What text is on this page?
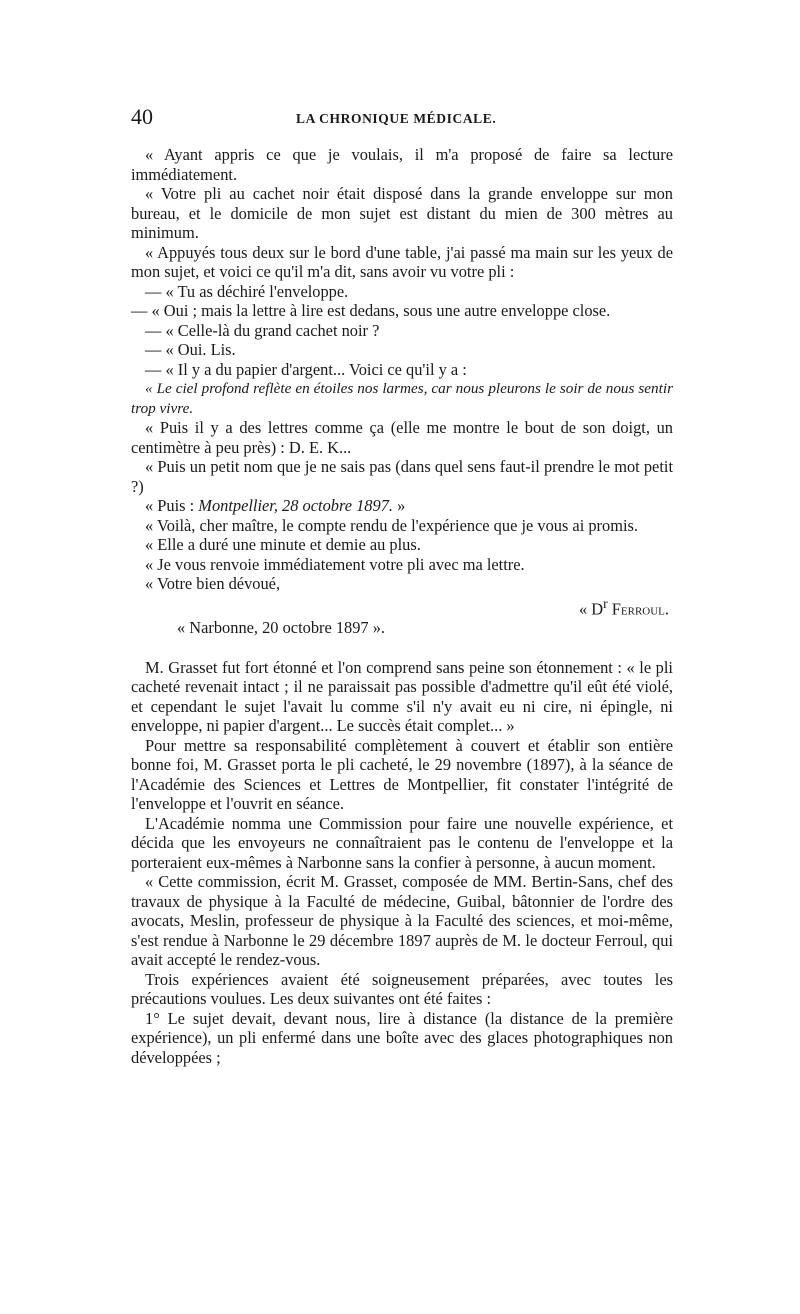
40	LA CHRONIQUE MÉDICALE.

« Ayant appris ce que je voulais, il m'a proposé de faire sa lecture immédiatement.

« Votre pli au cachet noir était disposé dans la grande enveloppe sur mon bureau, et le domicile de mon sujet est distant du mien de 300 mètres au minimum.

« Appuyés tous deux sur le bord d'une table, j'ai passé ma main sur les yeux de mon sujet, et voici ce qu'il m'a dit, sans avoir vu votre pli :

— « Tu as déchiré l'enveloppe.

— « Oui ; mais la lettre à lire est dedans, sous une autre enveloppe close.

— « Celle-là du grand cachet noir ?

— « Oui. Lis.

— « Il y a du papier d'argent... Voici ce qu'il y a :

« Le ciel profond reflète en étoiles nos larmes, car nous pleurons le soir de nous sentir trop vivre.

« Puis il y a des lettres comme ça (elle me montre le bout de son doigt, un centimètre à peu près) : D. E. K...

« Puis un petit nom que je ne sais pas (dans quel sens faut-il prendre le mot petit ?)

« Puis : Montpellier, 28 octobre 1897. »

« Voilà, cher maître, le compte rendu de l'expérience que je vous ai promis.

« Elle a duré une minute et demie au plus.

« Je vous renvoie immédiatement votre pli avec ma lettre.

« Votre bien dévoué,

« $D^r$ Ferroul.

« Narbonne, 20 octobre 1897 ».

M. Grasset fut fort étonné et l'on comprend sans peine son étonnement : « le pli cacheté revenait intact ; il ne paraissait pas possible d'admettre qu'il eût été violé, et cependant le sujet l'avait lu comme s'il n'y avait eu ni cire, ni épingle, ni enveloppe, ni papier d'argent... Le succès était complet... »

Pour mettre sa responsabilité complètement à couvert et établir son entière bonne foi, M. Grasset porta le pli cacheté, le 29 novembre (1897), à la séance de l'Académie des Sciences et Lettres de Montpellier, fit constater l'intégrité de l'enveloppe et l'ouvrit en séance.

L'Académie nomma une Commission pour faire une nouvelle expérience, et décida que les envoyeurs ne connaîtraient pas le contenu de l'enveloppe et la porteraient eux-mêmes à Narbonne sans la confier à personne, à aucun moment.

« Cette commission, écrit M. Grasset, composée de MM. Bertin-Sans, chef des travaux de physique à la Faculté de médecine, Guibal, bâtonnier de l'ordre des avocats, Meslin, professeur de physique à la Faculté des sciences, et moi-même, s'est rendue à Narbonne le 29 décembre 1897 auprès de M. le docteur Ferroul, qui avait accepté le rendez-vous.

Trois expériences avaient été soigneusement préparées, avec toutes les précautions voulues. Les deux suivantes ont été faites :

1° Le sujet devait, devant nous, lire à distance (la distance de la première expérience), un pli enfermé dans une boîte avec des glaces photographiques non développées ;
